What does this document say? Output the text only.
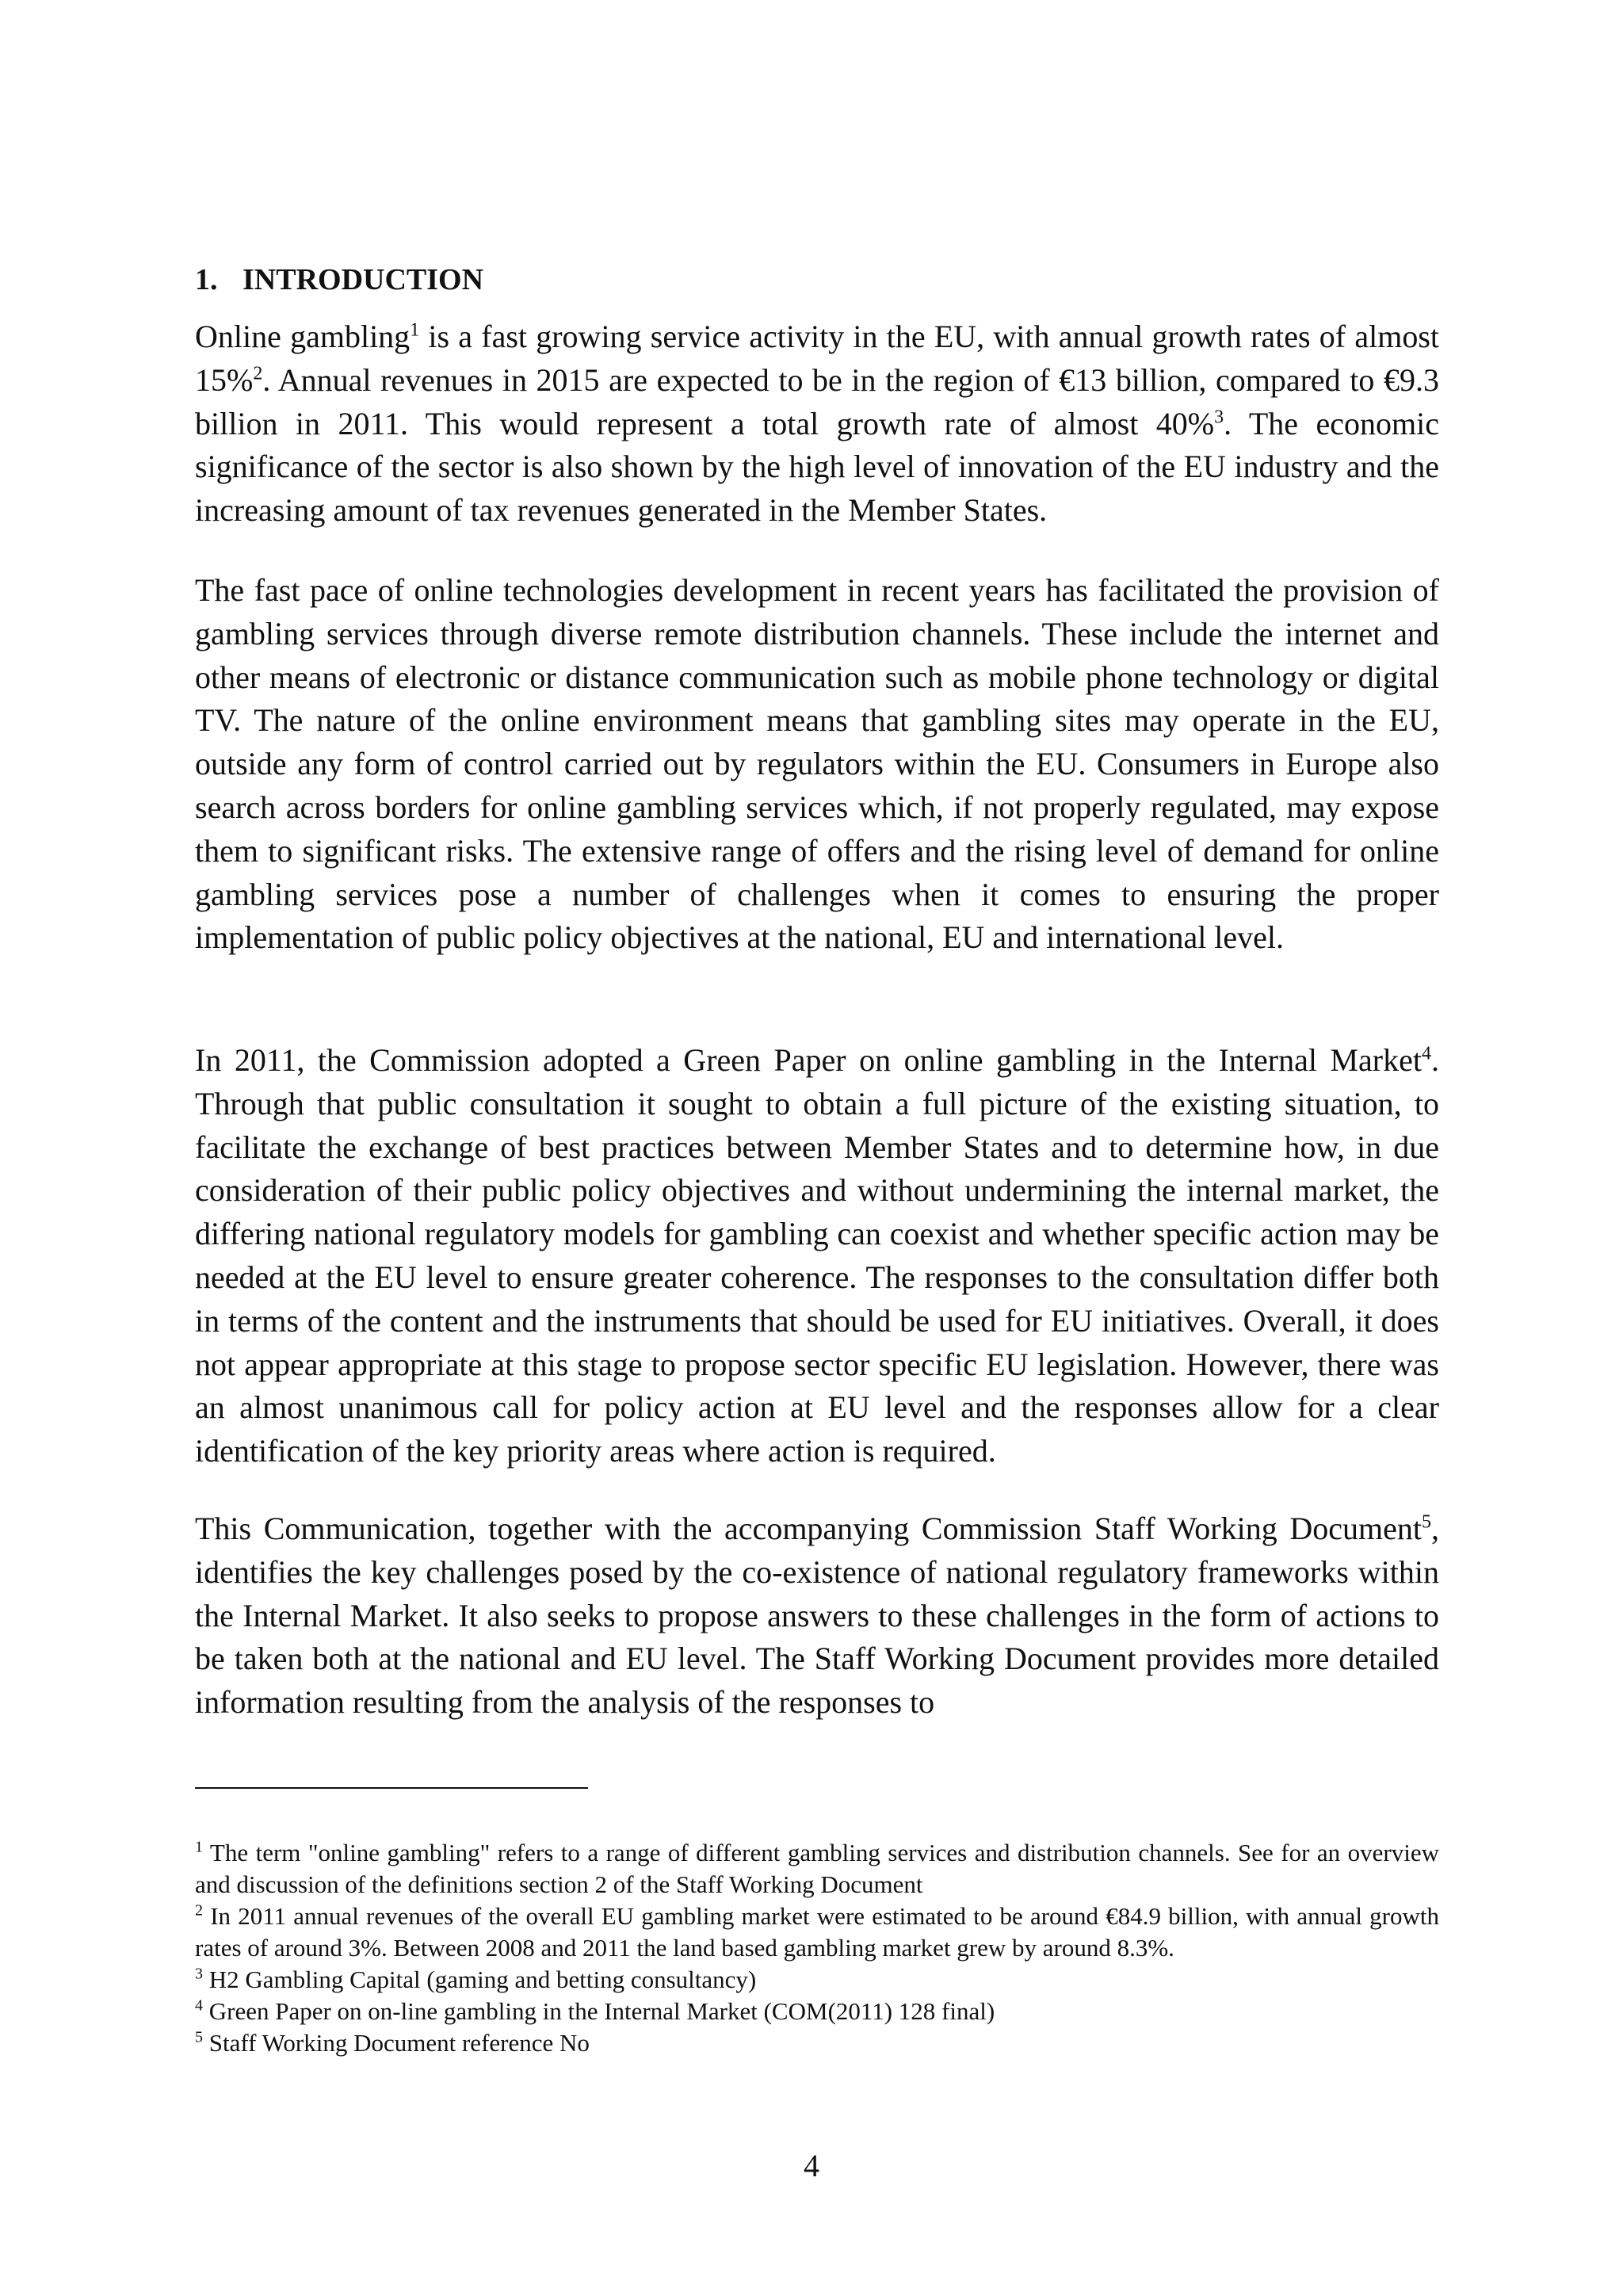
1. INTRODUCTION

Online gambling$^1$ is a fast growing service activity in the EU, with annual growth rates of almost 15%$^2$. Annual revenues in 2015 are expected to be in the region of €13 billion, compared to €9.3 billion in 2011. This would represent a total growth rate of almost 40%$^3$. The economic significance of the sector is also shown by the high level of innovation of the EU industry and the increasing amount of tax revenues generated in the Member States.

The fast pace of online technologies development in recent years has facilitated the provision of gambling services through diverse remote distribution channels. These include the internet and other means of electronic or distance communication such as mobile phone technology or digital TV. The nature of the online environment means that gambling sites may operate in the EU, outside any form of control carried out by regulators within the EU. Consumers in Europe also search across borders for online gambling services which, if not properly regulated, may expose them to significant risks. The extensive range of offers and the rising level of demand for online gambling services pose a number of challenges when it comes to ensuring the proper implementation of public policy objectives at the national, EU and international level.

In 2011, the Commission adopted a Green Paper on online gambling in the Internal Market$^4$. Through that public consultation it sought to obtain a full picture of the existing situation, to facilitate the exchange of best practices between Member States and to determine how, in due consideration of their public policy objectives and without undermining the internal market, the differing national regulatory models for gambling can coexist and whether specific action may be needed at the EU level to ensure greater coherence. The responses to the consultation differ both in terms of the content and the instruments that should be used for EU initiatives. Overall, it does not appear appropriate at this stage to propose sector specific EU legislation. However, there was an almost unanimous call for policy action at EU level and the responses allow for a clear identification of the key priority areas where action is required.

This Communication, together with the accompanying Commission Staff Working Document$^5$, identifies the key challenges posed by the co-existence of national regulatory frameworks within the Internal Market. It also seeks to propose answers to these challenges in the form of actions to be taken both at the national and EU level. The Staff Working Document provides more detailed information resulting from the analysis of the responses to

$^1$ The term "online gambling" refers to a range of different gambling services and distribution channels. See for an overview and discussion of the definitions section 2 of the Staff Working Document

$^2$ In 2011 annual revenues of the overall EU gambling market were estimated to be around €84.9 billion, with annual growth rates of around 3%. Between 2008 and 2011 the land based gambling market grew by around 8.3%.

$^3$ H2 Gambling Capital (gaming and betting consultancy)

$^4$ Green Paper on on-line gambling in the Internal Market (COM(2011) 128 final)

$^5$ Staff Working Document reference No

4
